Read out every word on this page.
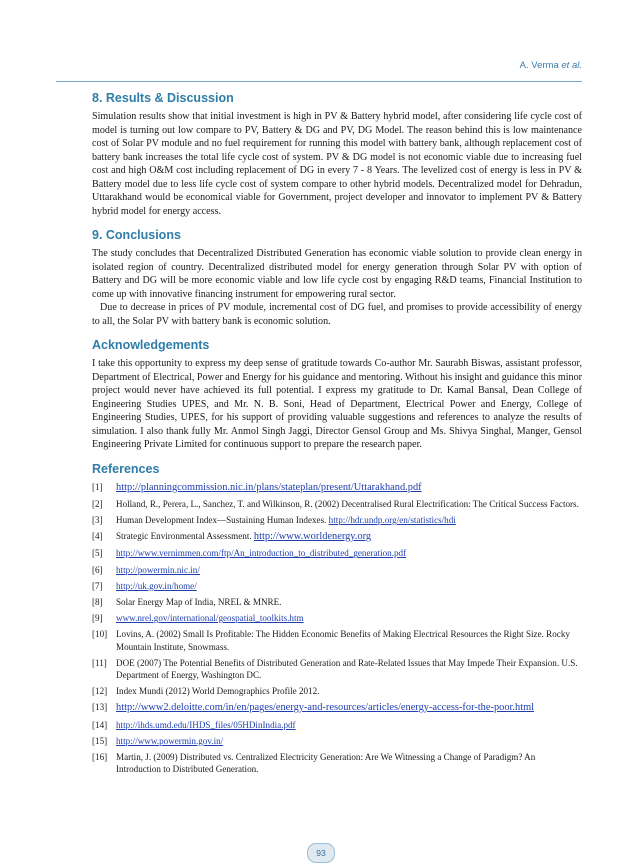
A. Verma et al.
8. Results & Discussion

Simulation results show that initial investment is high in PV & Battery hybrid model, after considering life cycle cost of model is turning out low compare to PV, Battery & DG and PV, DG Model. The reason behind this is low maintenance cost of Solar PV module and no fuel requirement for running this model with battery bank, although replacement cost of battery bank increases the total life cycle cost of system. PV & DG model is not economic viable due to increasing fuel cost and high O&M cost including replacement of DG in every 7 - 8 Years. The levelized cost of energy is less in PV & Battery model due to less life cycle cost of system compare to other hybrid models. Decentralized model for Dehradun, Uttarakhand would be economical viable for Government, project developer and innovator to implement PV & Battery hybrid model for energy access.

9. Conclusions

The study concludes that Decentralized Distributed Generation has economic viable solution to provide clean energy in isolated region of country. Decentralized distributed model for energy generation through Solar PV with option of Battery and DG will be more economic viable and low life cycle cost by engaging R&D teams, Financial Institution to come up with innovative financing instrument for empowering rural sector.

Due to decrease in prices of PV module, incremental cost of DG fuel, and promises to provide accessibility of energy to all, the Solar PV with battery bank is economic solution.

Acknowledgements

I take this opportunity to express my deep sense of gratitude towards Co-author Mr. Saurabh Biswas, assistant professor, Department of Electrical, Power and Energy for his guidance and mentoring. Without his insight and guidance this minor project would never have achieved its full potential. I express my gratitude to Dr. Kamal Bansal, Dean College of Engineering Studies UPES, and Mr. N. B. Soni, Head of Department, Electrical Power and Energy, College of Engineering Studies, UPES, for his support of providing valuable suggestions and references to analyze the results of simulation. I also thank fully Mr. Anmol Singh Jaggi, Director Gensol Group and Ms. Shivya Singhal, Manger, Gensol Engineering Private Limited for continuous support to prepare the research paper.

References
[1] http://planningcommission.nic.in/plans/stateplan/present/Uttarakhand.pdf
[2] Holland, R., Perera, L., Sanchez, T. and Wilkinson, R. (2002) Decentralised Rural Electrification: The Critical Success Factors.
[3] Human Development Index—Sustaining Human Indexes. http://hdr.undp.org/en/statistics/hdi
[4] Strategic Environmental Assessment. http://www.worldenergy.org
[5] http://www.vernimmen.com/ftp/An_introduction_to_distributed_generation.pdf
[6] http://powermin.nic.in/
[7] http://uk.gov.in/home/
[8] Solar Energy Map of India, NREL & MNRE.
[9] www.nrel.gov/international/geospatial_toolkits.htm
[10] Lovins, A. (2002) Small Is Profitable: The Hidden Economic Benefits of Making Electrical Resources the Right Size. Rocky Mountain Institute, Snowmass.
[11] DOE (2007) The Potential Benefits of Distributed Generation and Rate-Related Issues that May Impede Their Expansion. U.S. Department of Energy, Washington DC.
[12] Index Mundi (2012) World Demographics Profile 2012.
[13] http://www2.deloitte.com/in/en/pages/energy-and-resources/articles/energy-access-for-the-poor.html
[14] http://ihds.umd.edu/IHDS_files/05HDinIndia.pdf
[15] http://www.powermin.gov.in/
[16] Martin, J. (2009) Distributed vs. Centralized Electricity Generation: Are We Witnessing a Change of Paradigm? An Introduction to Distributed Generation.
93
